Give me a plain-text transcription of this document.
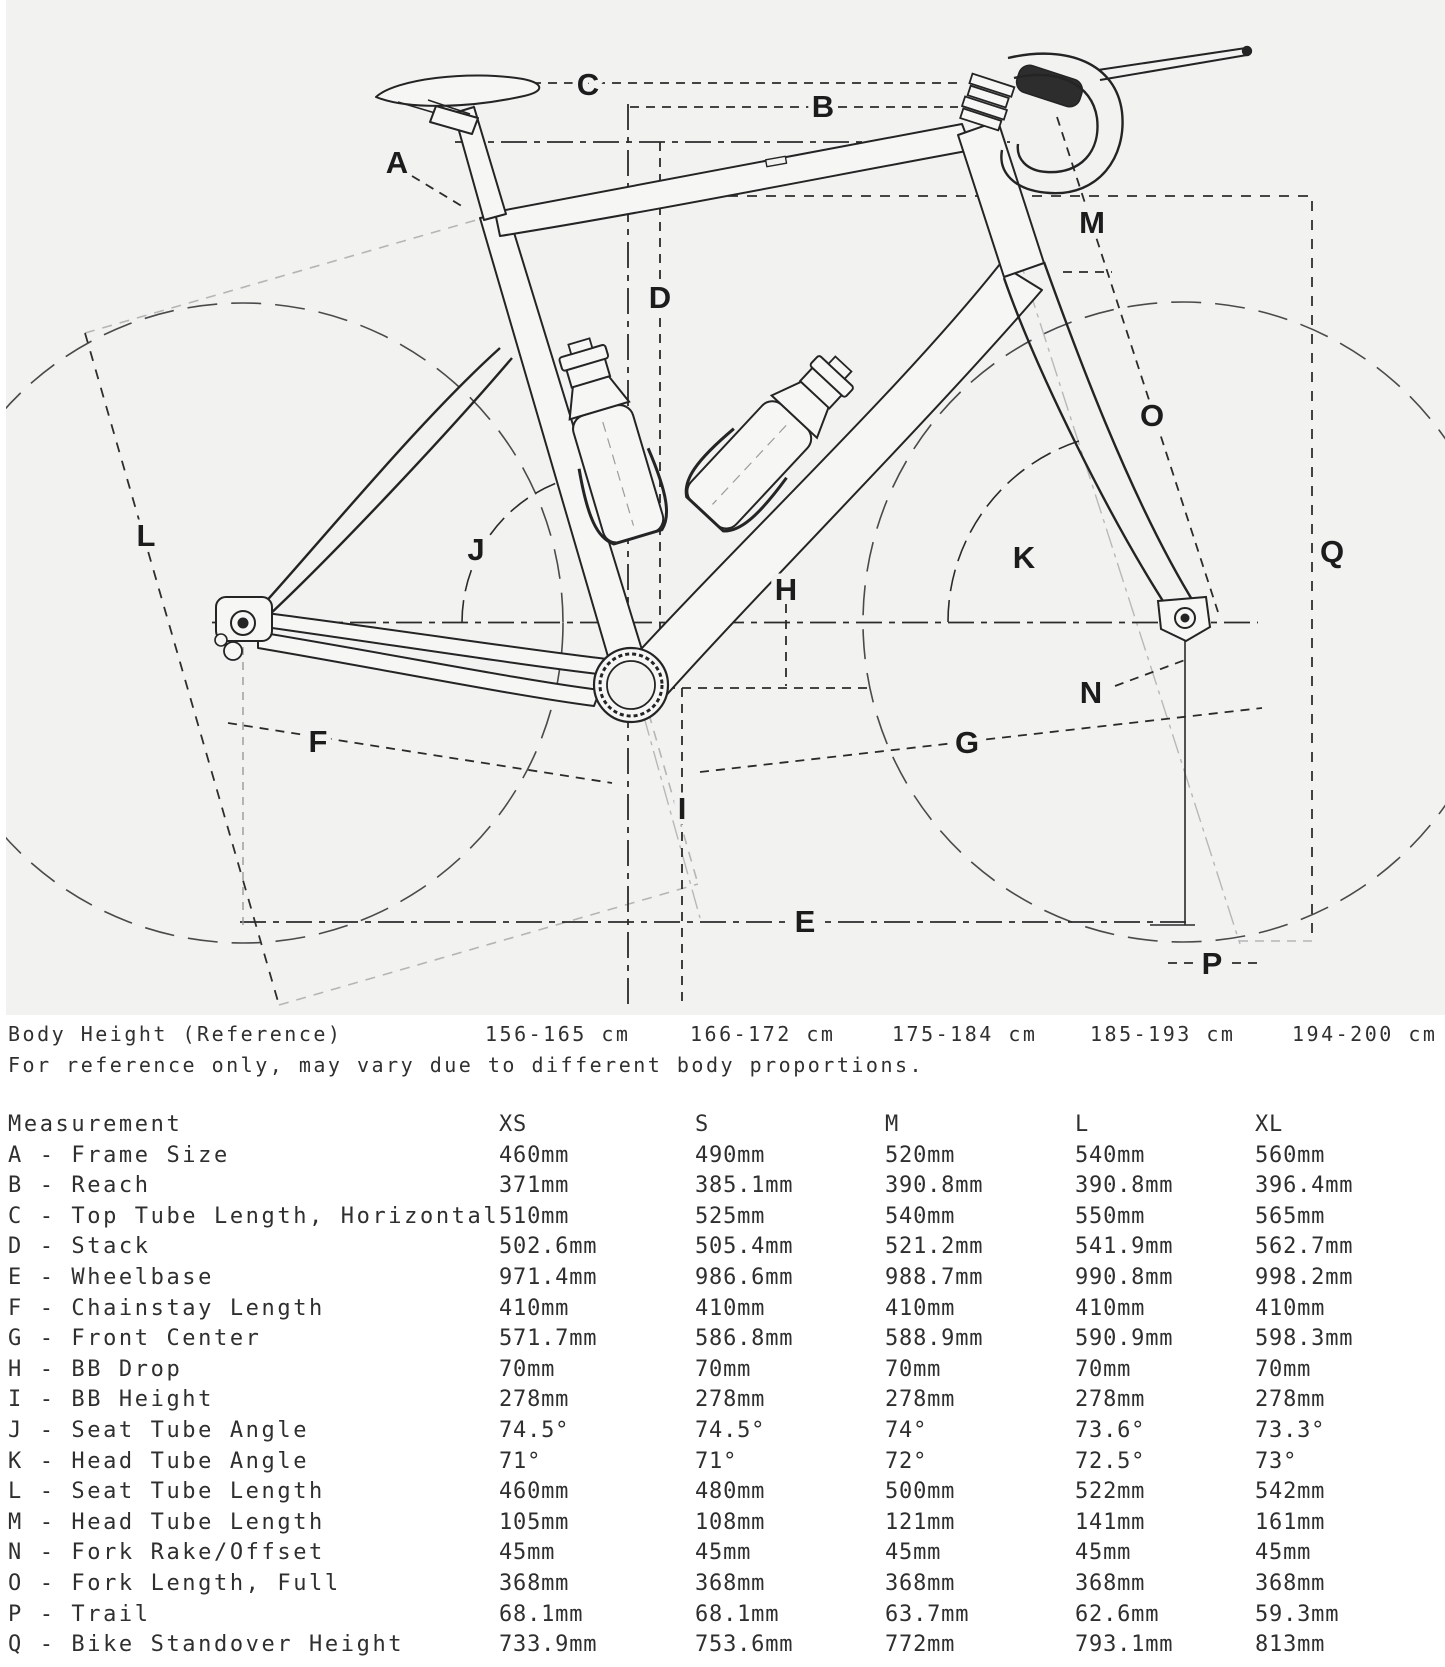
A
B
C
D
E
F	G
H
I
J	K
L
M
N
O
P
Q
Body Height (Reference)	156-165 cm	166-172 cm	175-184 cm	185-193 cm	194-200 cm
For reference only, may vary due to different body proportions.
Measurement	XS	S	M	L	XL
A - Frame Size	460mm	490mm	520mm	540mm	560mm
B - Reach	371mm	385.1mm	390.8mm	390.8mm	396.4mm
C - Top Tube Length, Horizontal 510mm	525mm	540mm	550mm	565mm
D - Stack	502.6mm	505.4mm	521.2mm	541.9mm	562.7mm
E - Wheelbase	971.4mm	986.6mm	988.7mm	990.8mm	998.2mm
F - Chainstay Length	410mm	410mm	410mm	410mm	410mm
G - Front Center	571.7mm	586.8mm	588.9mm	590.9mm	598.3mm
H - BB Drop	70mm	70mm	70mm	70mm	70mm
I - BB Height	278mm	278mm	278mm	278mm	278mm
J - Seat Tube Angle	74.5°	74.5°	74°	73.6°	73.3°
K - Head Tube Angle	71°	71°	72°	72.5°	73°
L - Seat Tube Length	460mm	480mm	500mm	522mm	542mm
M - Head Tube Length	105mm	108mm	121mm	141mm	161mm
N - Fork Rake/Offset	45mm	45mm	45mm	45mm	45mm
O - Fork Length, Full	368mm	368mm	368mm	368mm	368mm
P - Trail	68.1mm	68.1mm	63.7mm	62.6mm	59.3mm
Q - Bike Standover Height	733.9mm	753.6mm	772mm	793.1mm	813mm
